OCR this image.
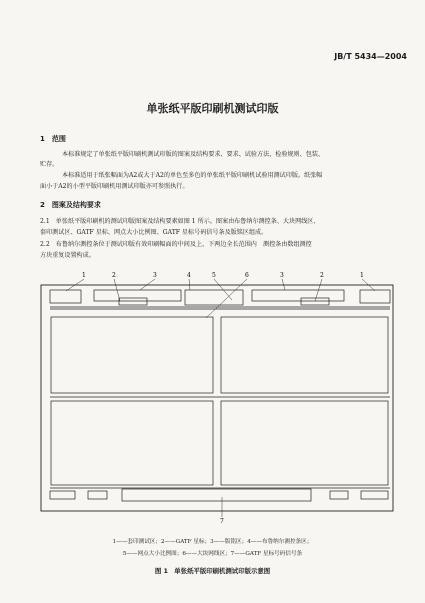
JB/T 5434—2004
单张纸平版印刷机测试印版
1　范围
本标准规定了单张纸平版印刷机测试印版的图案及结构要求、要求、试验方法、检验规则、包装、
贮存。
本标准适用于纸张幅面为A2或大于A2的单色至多色的单张纸平版印刷机试验用测试印版。纸张幅
面小于A2的小型平版印刷机用测试印版亦可参照执行。
2　图案及结构要求
2.1　单张纸平版印刷机的测试印版图案及结构要素如图 1 所示。图案由布鲁纳尔测控条、大块网线区、
套印测试区、GATF 星标、网点大小比例图、GATF 星标号码信号条及版铭区组成。
2.2　布鲁纳尔测控条位于测试印版有效印刷幅面的中间及上、下两边全长范围内　测控条由数组测控
方块重复设置构成。
1	2	3	4	5	6	3	2	1
7
1——套印测试区；2——GATF 星标；3——版铭区；4——布鲁纳尔测控条区；
5——网点大小比例图；6——大块网线区；7——GATF 星标号码信号条
图 1　单张纸平版印刷机测试印版示意图
